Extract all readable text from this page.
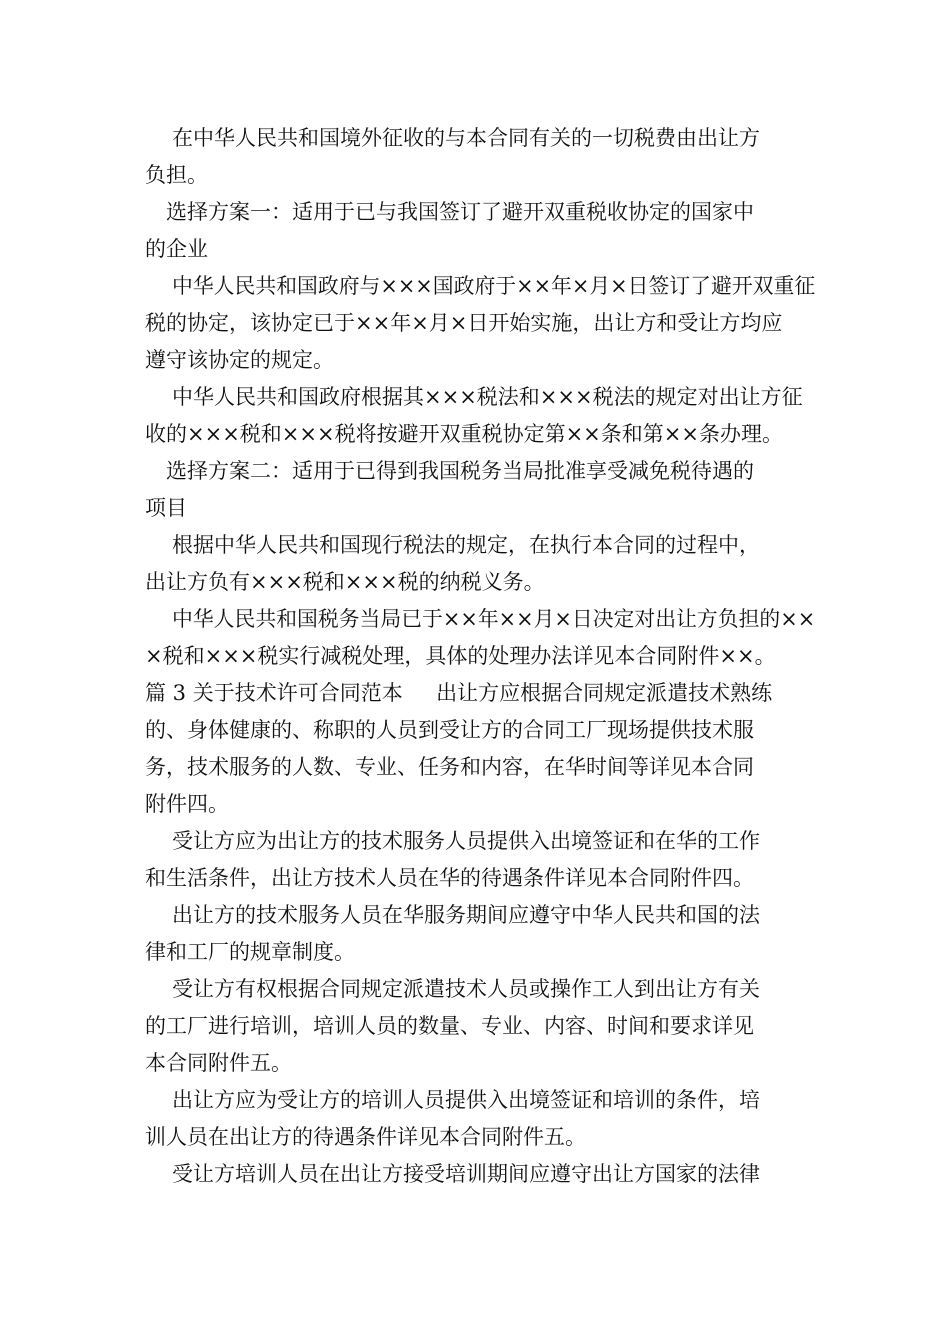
在中华人民共和国境外征收的与本合同有关的一切税费由出让方
负担。
选择方案一：适用于已与我国签订了避开双重税收协定的国家中
的企业
中华人民共和国政府与×××国政府于××年×月×日签订了避开双重征
税的协定，该协定已于××年×月×日开始实施，出让方和受让方均应
遵守该协定的规定。
中华人民共和国政府根据其×××税法和×××税法的规定对出让方征
收的×××税和×××税将按避开双重税协定第××条和第××条办理。
选择方案二：适用于已得到我国税务当局批准享受减免税待遇的
项目
根据中华人民共和国现行税法的规定，在执行本合同的过程中，
出让方负有×××税和×××税的纳税义务。
中华人民共和国税务当局已于××年××月×日决定对出让方负担的××
×税和×××税实行减税处理，具体的处理办法详见本合同附件××。
篇 3 关于技术许可合同范本     出让方应根据合同规定派遣技术熟练
的、身体健康的、称职的人员到受让方的合同工厂现场提供技术服
务，技术服务的人数、专业、任务和内容，在华时间等详见本合同
附件四。
受让方应为出让方的技术服务人员提供入出境签证和在华的工作
和生活条件，出让方技术人员在华的待遇条件详见本合同附件四。
出让方的技术服务人员在华服务期间应遵守中华人民共和国的法
律和工厂的规章制度。
受让方有权根据合同规定派遣技术人员或操作工人到出让方有关
的工厂进行培训，培训人员的数量、专业、内容、时间和要求详见
本合同附件五。
出让方应为受让方的培训人员提供入出境签证和培训的条件，培
训人员在出让方的待遇条件详见本合同附件五。
受让方培训人员在出让方接受培训期间应遵守出让方国家的法律
